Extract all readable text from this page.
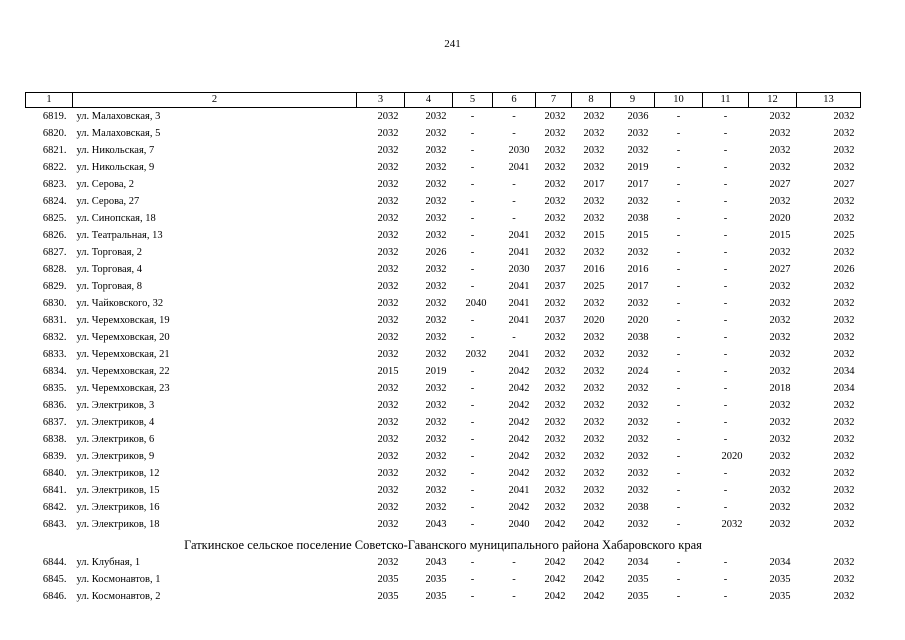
241
1	2	3	4	5	6	7	8	9	10	11	12	13
6819.	ул. Малаховская, 3	2032	2032	-	-	2032	2032	2036	-	-	2032	2032
6820.	ул. Малаховская, 5	2032	2032	-	-	2032	2032	2032	-	-	2032	2032
6821.	ул. Никольская, 7	2032	2032	-	2030	2032	2032	2032	-	-	2032	2032
6822.	ул. Никольская, 9	2032	2032	-	2041	2032	2032	2019	-	-	2032	2032
6823.	ул. Серова, 2	2032	2032	-	-	2032	2017	2017	-	-	2027	2027
6824.	ул. Серова, 27	2032	2032	-	-	2032	2032	2032	-	-	2032	2032
6825.	ул. Синопская, 18	2032	2032	-	-	2032	2032	2038	-	-	2020	2032
6826.	ул. Театральная, 13	2032	2032	-	2041	2032	2015	2015	-	-	2015	2025
6827.	ул. Торговая, 2	2032	2026	-	2041	2032	2032	2032	-	-	2032	2032
6828.	ул. Торговая, 4	2032	2032	-	2030	2037	2016	2016	-	-	2027	2026
6829.	ул. Торговая, 8	2032	2032	-	2041	2037	2025	2017	-	-	2032	2032
6830.	ул. Чайковского, 32	2032	2032	2040	2041	2032	2032	2032	-	-	2032	2032
6831.	ул. Черемховская, 19	2032	2032	-	2041	2037	2020	2020	-	-	2032	2032
6832.	ул. Черемховская, 20	2032	2032	-	-	2032	2032	2038	-	-	2032	2032
6833.	ул. Черемховская, 21	2032	2032	2032	2041	2032	2032	2032	-	-	2032	2032
6834.	ул. Черемховская, 22	2015	2019	-	2042	2032	2032	2024	-	-	2032	2034
6835.	ул. Черемховская, 23	2032	2032	-	2042	2032	2032	2032	-	-	2018	2034
6836.	ул. Электриков, 3	2032	2032	-	2042	2032	2032	2032	-	-	2032	2032
6837.	ул. Электриков, 4	2032	2032	-	2042	2032	2032	2032	-	-	2032	2032
6838.	ул. Электриков, 6	2032	2032	-	2042	2032	2032	2032	-	-	2032	2032
6839.	ул. Электриков, 9	2032	2032	-	2042	2032	2032	2032	-	2020	2032	2032
6840.	ул. Электриков, 12	2032	2032	-	2042	2032	2032	2032	-	-	2032	2032
6841.	ул. Электриков, 15	2032	2032	-	2041	2032	2032	2032	-	-	2032	2032
6842.	ул. Электриков, 16	2032	2032	-	2042	2032	2032	2038	-	-	2032	2032
6843.	ул. Электриков, 18	2032	2043	-	2040	2042	2042	2032	-	2032	2032	2032
Гаткинское сельское поселение Советско-Гаванского муниципального района Хабаровского края												
6844.	ул. Клубная, 1	2032	2043	-	-	2042	2042	2034	-	-	2034	2032
6845.	ул. Космонавтов, 1	2035	2035	-	-	2042	2042	2035	-	-	2035	2032
6846.	ул. Космонавтов, 2	2035	2035	-	-	2042	2042	2035	-	-	2035	2032
